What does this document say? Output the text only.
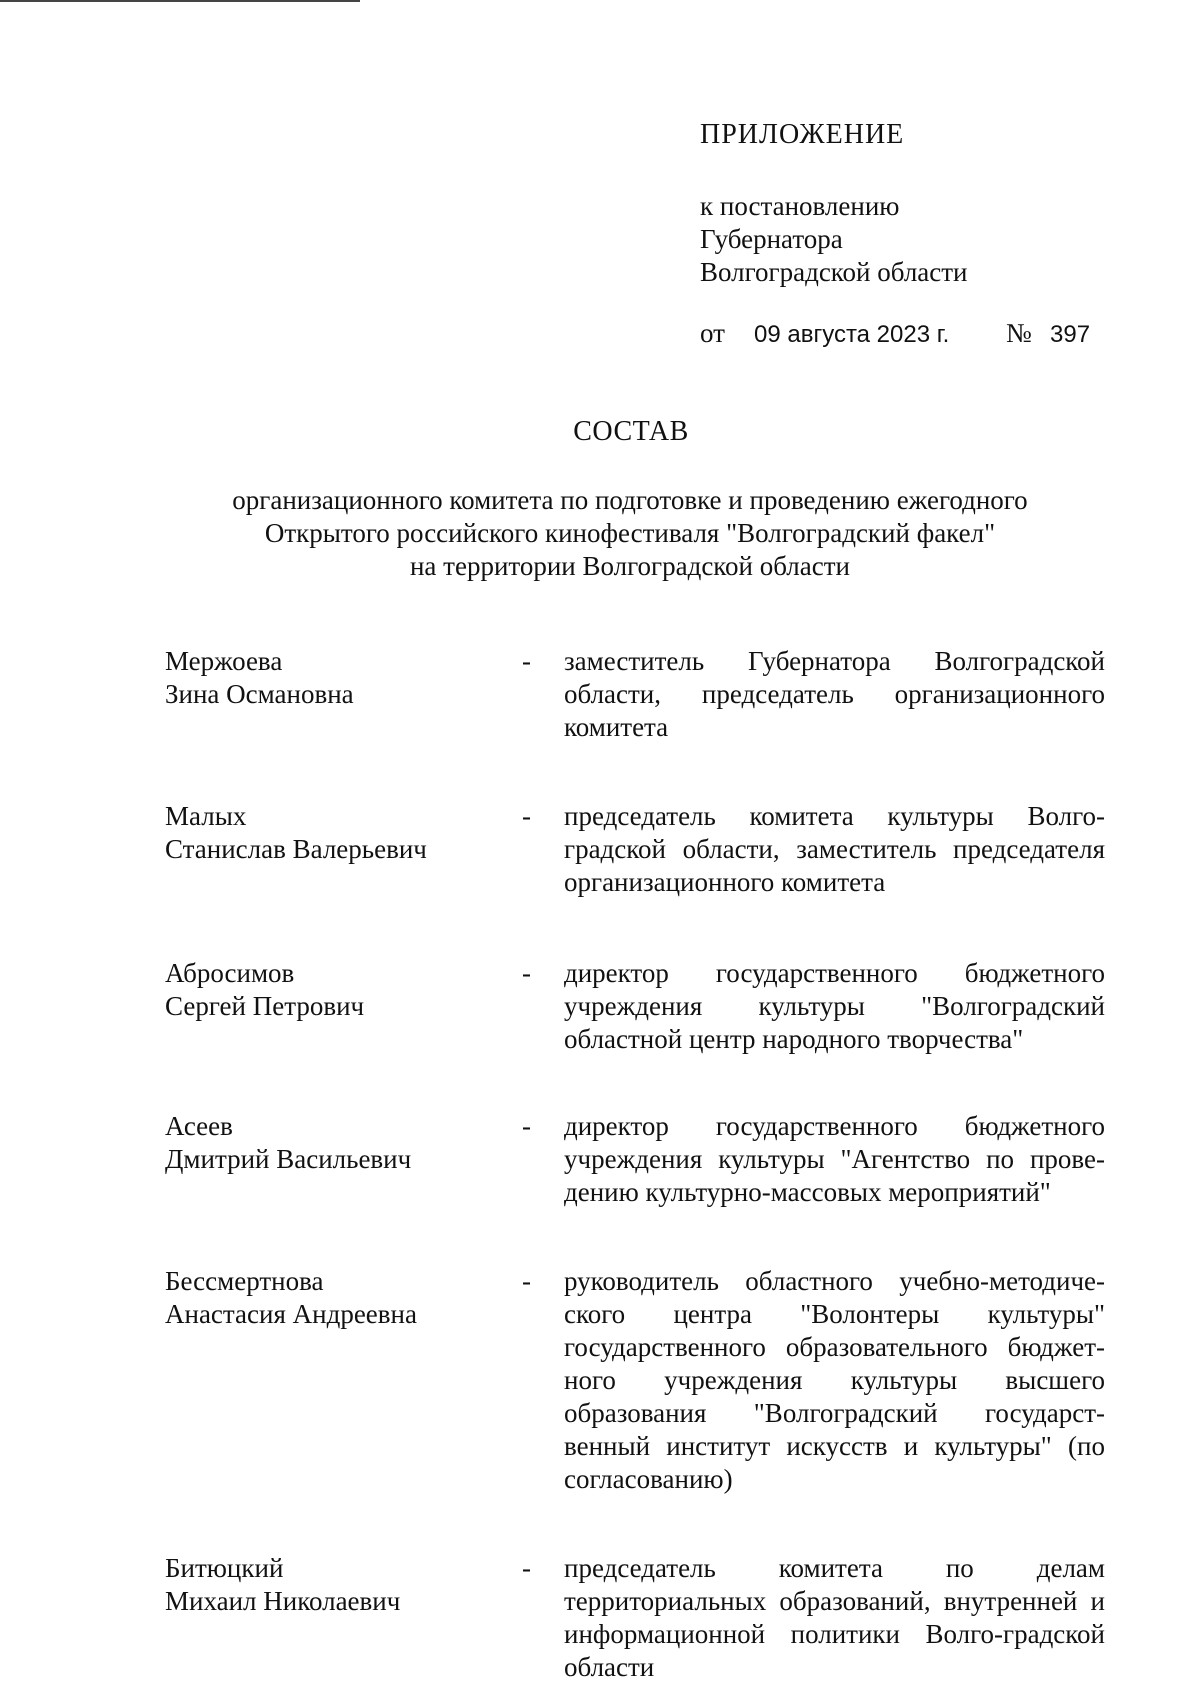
ПРИЛОЖЕНИЕ
к постановлению
Губернатора
Волгоградской области
от 09 августа 2023 г. № 397
СОСТАВ
организационного комитета по подготовке и проведению ежегодного
Открытого российского кинофестиваля "Волгоградский факел"
на территории Волгоградской области
Мержоева
Зина Османовна
-	заместитель Губернатора Волгоградской области, председатель организационного комитета
Малых
Станислав Валерьевич
-	председатель комитета культуры Волго-градской области, заместитель председателя организационного комитета
Абросимов
Сергей Петрович
-	директор государственного бюджетного учреждения культуры "Волгоградский областной центр народного творчества"
Асеев
Дмитрий Васильевич
-	директор государственного бюджетного учреждения культуры "Агентство по прове-дению культурно-массовых мероприятий"
Бессмертнова
Анастасия Андреевна
-	руководитель областного учебно-методиче-ского центра "Волонтеры культуры" государственного образовательного бюджет-ного учреждения культуры высшего образования "Волгоградский государст-венный институт искусств и культуры" (по согласованию)
Битюцкий
Михаил Николаевич
-	председатель комитета по делам территориальных образований, внутренней и информационной политики Волго-градской области
